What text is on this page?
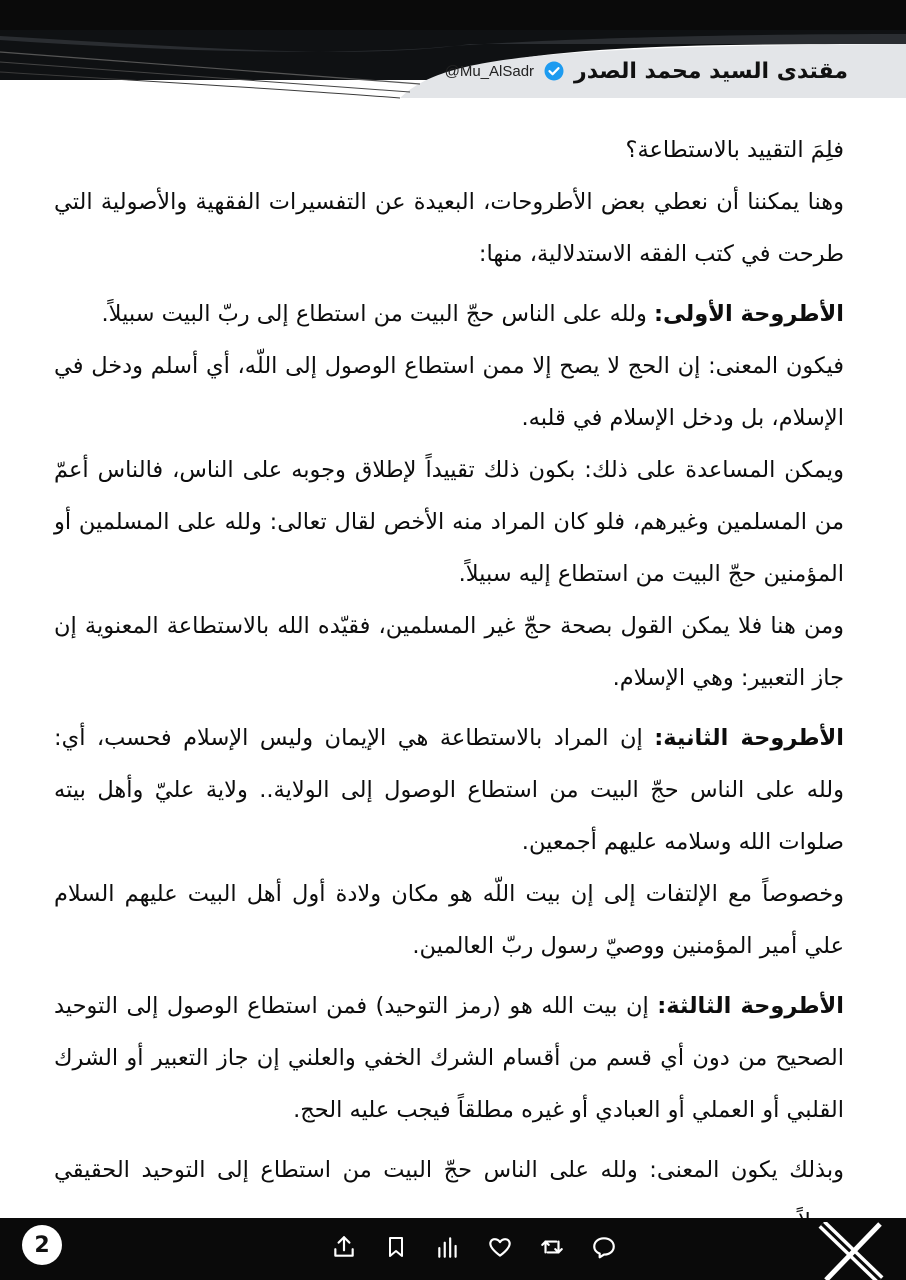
@Mu_AlSadr مقتدى السيد محمد الصدر

فلِمَ التقييد بالاستطاعة؟

وهنا يمكننا أن نعطي بعض الأطروحات، البعيدة عن التفسيرات الفقهية والأصولية التي طرحت في كتب الفقه الاستدلالية، منها:

الأطروحة الأولى: ولله على الناس حجّ البيت من استطاع إلى ربّ البيت سبيلاً.

فيكون المعنى: إن الحج لا يصح إلا ممن استطاع الوصول إلى اللّه، أي أسلم ودخل في الإسلام، بل ودخل الإسلام في قلبه.

ويمكن المساعدة على ذلك: بكون ذلك تقييداً لإطلاق وجوبه على الناس، فالناس أعمّ من المسلمين وغيرهم، فلو كان المراد منه الأخص لقال تعالى: ولله على المسلمين أو المؤمنين حجّ البيت من استطاع إليه سبيلاً.

ومن هنا فلا يمكن القول بصحة حجّ غير المسلمين، فقيّده الله بالاستطاعة المعنوية إن جاز التعبير: وهي الإسلام.

الأطروحة الثانية: إن المراد بالاستطاعة هي الإيمان وليس الإسلام فحسب، أي: ولله على الناس حجّ البيت من استطاع الوصول إلى الولاية.. ولاية عليّ وأهل بيته صلوات الله وسلامه عليهم أجمعين.

وخصوصاً مع الإلتفات إلى إن بيت اللّه هو مكان ولادة أول أهل البيت عليهم السلام علي أمير المؤمنين ووصيّ رسول ربّ العالمين.

الأطروحة الثالثة: إن بيت الله هو (رمز التوحيد) فمن استطاع الوصول إلى التوحيد الصحيح من دون أي قسم من أقسام الشرك الخفي والعلني إن جاز التعبير أو الشرك القلبي أو العملي أو العبادي أو غيره مطلقاً فيجب عليه الحج.

وبذلك يكون المعنى: ولله على الناس حجّ البيت من استطاع إلى التوحيد الحقيقي

2
